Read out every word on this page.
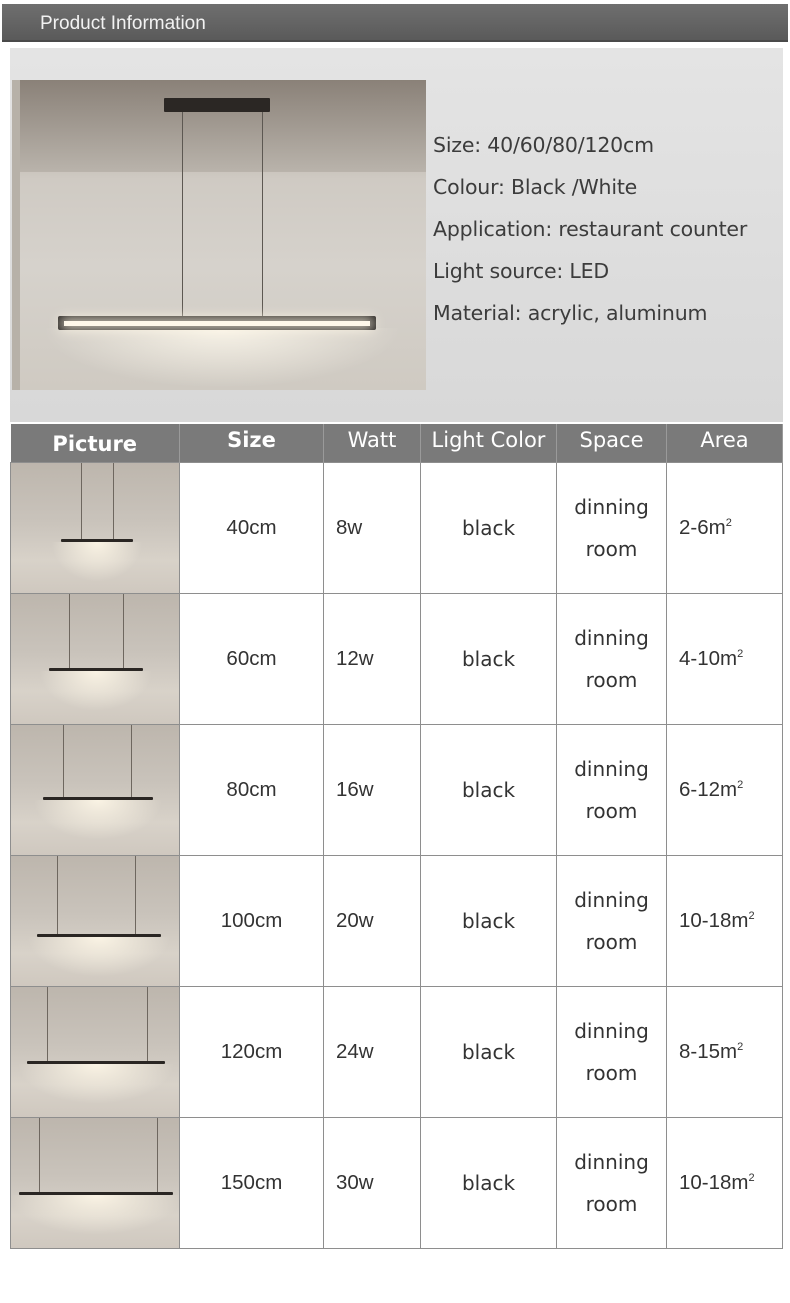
Product Information
Size: 40/60/80/120cm
Colour: Black /White
Application: restaurant counter
Light source: LED
Material: acrylic, aluminum
Picture	Size	Watt	Light Color	Space	Area

	40cm	8w	black	dinning
room	$2-6m^2$

	60cm	12w	black	dinning
room	$4-10m^2$

	80cm	16w	black	dinning
room	$6-12m^2$

	100cm	20w	black	dinning
room	$10-18m^2$

	120cm	24w	black	dinning
room	$8-15m^2$

	150cm	30w	black	dinning
room	$10-18m^2$
